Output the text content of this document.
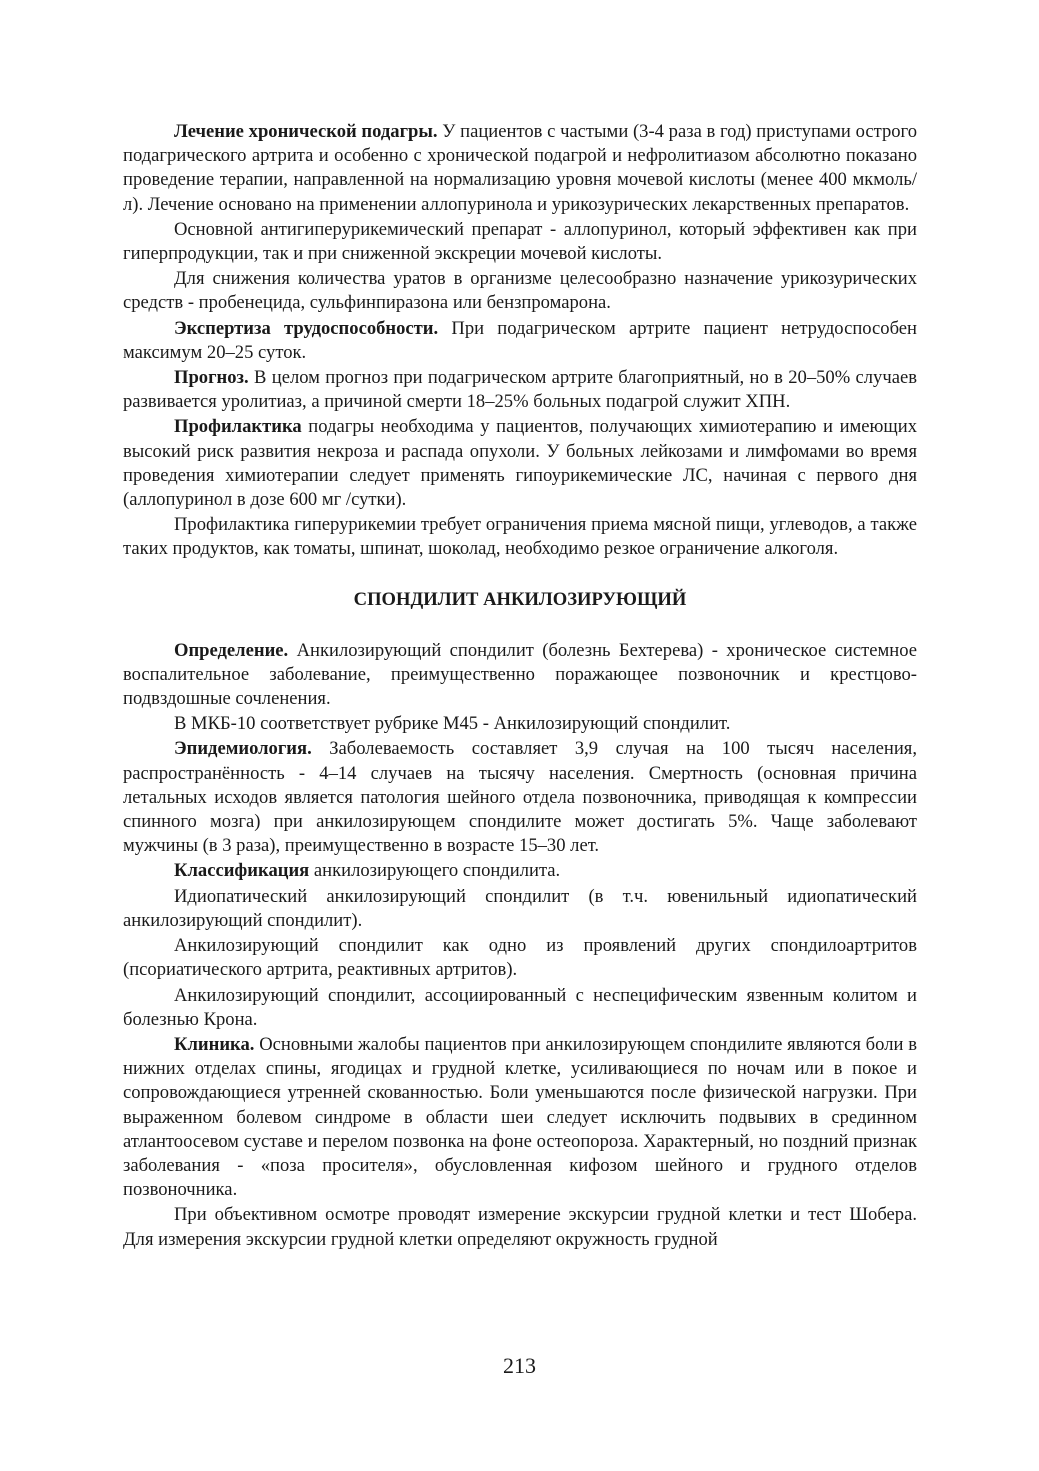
Лечение хронической подагры. У пациентов с частыми (3-4 раза в год) приступами острого подагрического артрита и особенно с хронической подагрой и нефролитиазом абсолютно показано проведение терапии, направленной на нормализацию уровня мочевой кислоты (менее 400 мкмоль/л). Лечение основано на применении аллопуринола и урикозурических лекарственных препаратов.

Основной антигиперурикемический препарат - аллопуринол, который эффективен как при гиперпродукции, так и при сниженной экскреции мочевой кислоты.

Для снижения количества уратов в организме целесообразно назначение урикозурических средств - пробенецида, сульфинпиразона или бензпромарона.

Экспертиза трудоспособности. При подагрическом артрите пациент нетрудоспособен максимум 20–25 суток.

Прогноз. В целом прогноз при подагрическом артрите благоприятный, но в 20–50% случаев развивается уролитиаз, а причиной смерти 18–25% больных подагрой служит ХПН.

Профилактика подагры необходима у пациентов, получающих химиотерапию и имеющих высокий риск развития некроза и распада опухоли. У больных лейкозами и лимфомами во время проведения химиотерапии следует применять гипоурикемические ЛС, начиная с первого дня (аллопуринол в дозе 600 мг /сутки).

Профилактика гиперурикемии требует ограничения приема мясной пищи, углеводов, а также таких продуктов, как томаты, шпинат, шоколад, необходимо резкое ограничение алкоголя.

СПОНДИЛИТ АНКИЛОЗИРУЮЩИЙ

Определение. Анкилозирующий спондилит (болезнь Бехтерева) - хроническое системное воспалительное заболевание, преимущественно поражающее позвоночник и крестцово-подвздошные сочленения.

В МКБ-10 соответствует рубрике М45 - Анкилозирующий спондилит.

Эпидемиология. Заболеваемость составляет 3,9 случая на 100 тысяч населения, распространённость - 4–14 случаев на тысячу населения. Смертность (основная причина летальных исходов является патология шейного отдела позвоночника, приводящая к компрессии спинного мозга) при анкилозирующем спондилите может достигать 5%. Чаще заболевают мужчины (в 3 раза), преимущественно в возрасте 15–30 лет.

Классификация анкилозирующего спондилита.

Идиопатический анкилозирующий спондилит (в т.ч. ювенильный идиопатический анкилозирующий спондилит).

Анкилозирующий спондилит как одно из проявлений других спондилоартритов (псориатического артрита, реактивных артритов).

Анкилозирующий спондилит, ассоциированный с неспецифическим язвенным колитом и болезнью Крона.

Клиника. Основными жалобы пациентов при анкилозирующем спондилите являются боли в нижних отделах спины, ягодицах и грудной клетке, усиливающиеся по ночам или в покое и сопровождающиеся утренней скованностью. Боли уменьшаются после физической нагрузки. При выраженном болевом синдроме в области шеи следует исключить подвывих в срединном атлантоосевом суставе и перелом позвонка на фоне остеопороза. Характерный, но поздний признак заболевания - «поза просителя», обусловленная кифозом шейного и грудного отделов позвоночника.

При объективном осмотре проводят измерение экскурсии грудной клетки и тест Шобера. Для измерения экскурсии грудной клетки определяют окружность грудной

213
